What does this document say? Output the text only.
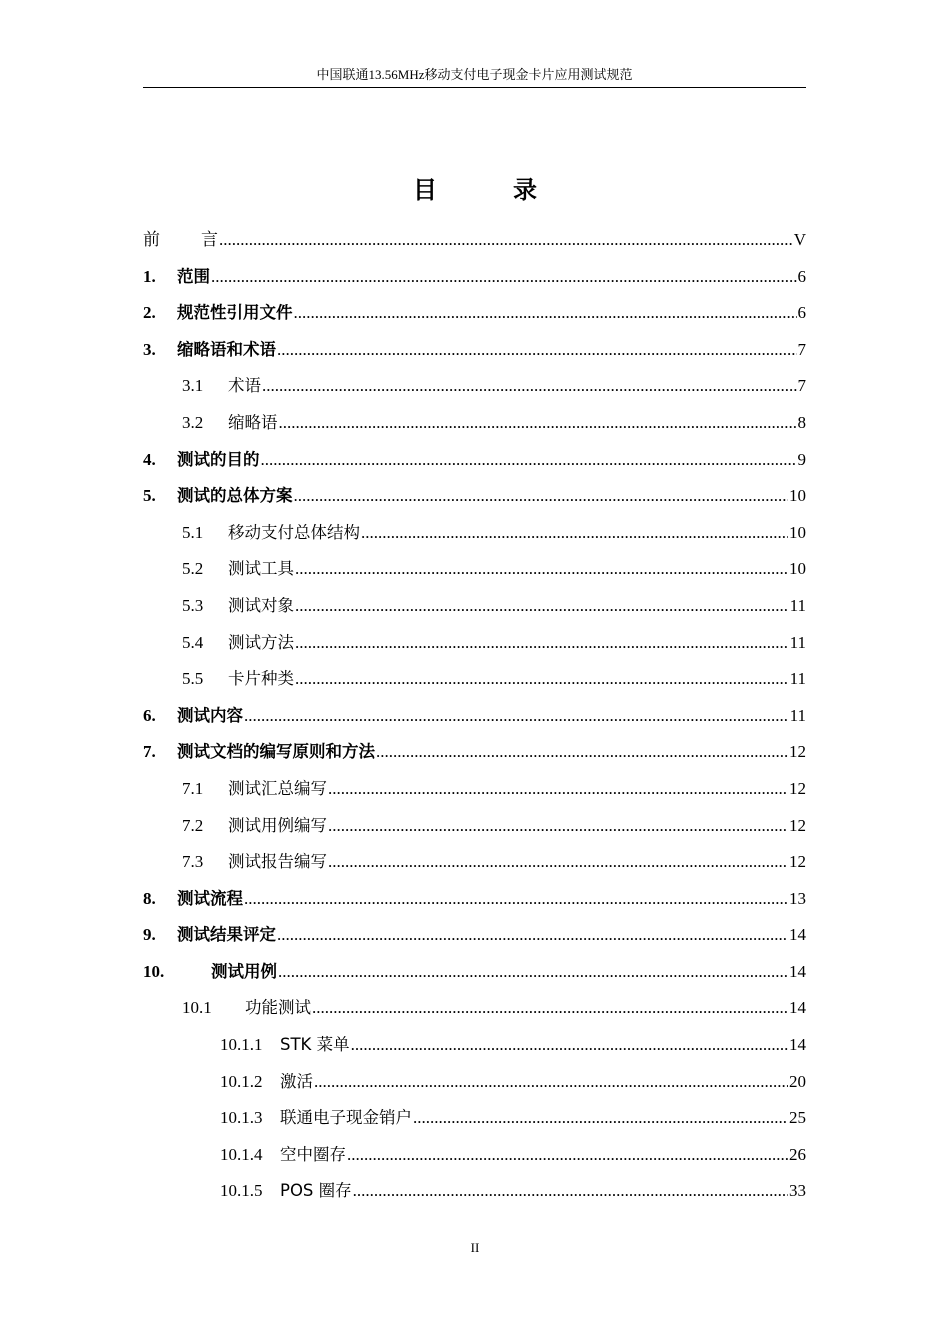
中国联通13.56MHz移动支付电子现金卡片应用测试规范
目　录
前 言 .....	V
1.	范围 .....	6
2.	规范性引用文件 .....	6
3.	缩略语和术语 .....	7
3.1	术语 .....	7
3.2	缩略语 .....	8
4.	测试的目的 .....	9
5.	测试的总体方案 .....	10
5.1	移动支付总体结构 .....	10
5.2	测试工具 .....	10
5.3	测试对象 .....	11
5.4	测试方法 .....	11
5.5	卡片种类 .....	11
6.	测试内容 .....	11
7.	测试文档的编写原则和方法 .....	12
7.1	测试汇总编写 .....	12
7.2	测试用例编写 .....	12
7.3	测试报告编写 .....	12
8.	测试流程 .....	13
9.	测试结果评定 .....	14
10.	测试用例 .....	14
10.1	功能测试 .....	14
10.1.1	STK 菜单 .....	14
10.1.2	激活 .....	20
10.1.3	联通电子现金销户 .....	25
10.1.4	空中圈存 .....	26
10.1.5	POS 圈存 .....	33
II
